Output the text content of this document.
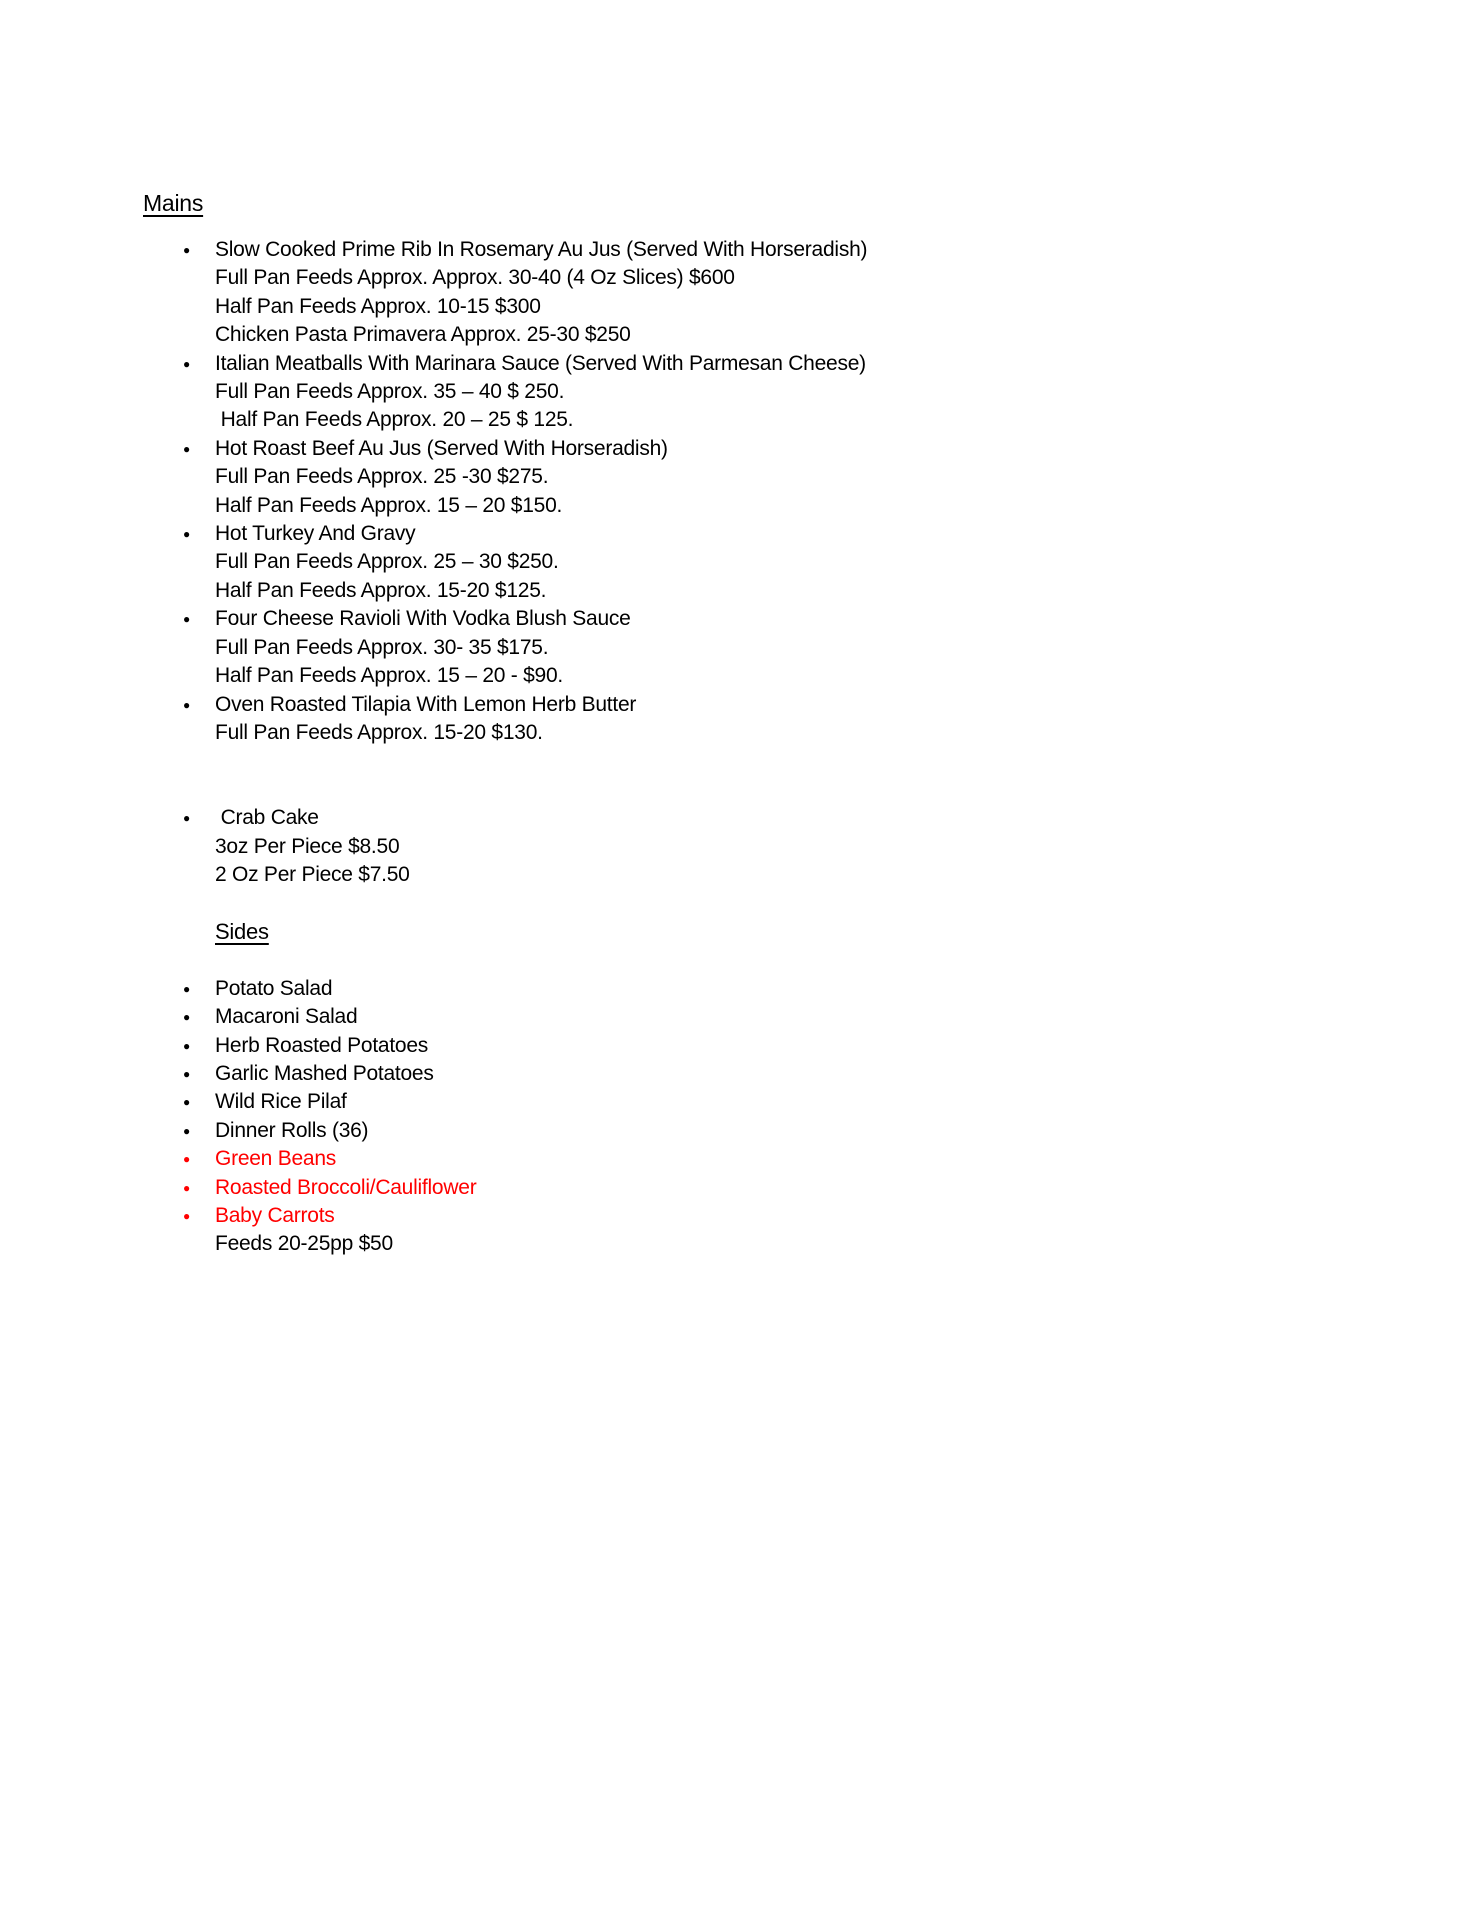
Mains
● Slow Cooked Prime Rib In Rosemary Au Jus (Served With Horseradish)
Full Pan Feeds Approx. Approx. 30-40 (4 Oz Slices) $600
Half Pan Feeds Approx. 10-15 $300
Chicken Pasta Primavera Approx. 25-30 $250
● Italian Meatballs With Marinara Sauce (Served With Parmesan Cheese)
Full Pan Feeds Approx. 35 – 40 $ 250.
Half Pan Feeds Approx. 20 – 25 $ 125.
● Hot Roast Beef Au Jus (Served With Horseradish)
Full Pan Feeds Approx. 25 -30 $275.
Half Pan Feeds Approx. 15 – 20 $150.
● Hot Turkey And Gravy
Full Pan Feeds Approx. 25 – 30 $250.
Half Pan Feeds Approx. 15-20 $125.
● Four Cheese Ravioli With Vodka Blush Sauce
Full Pan Feeds Approx. 30- 35 $175.
Half Pan Feeds Approx. 15 – 20 - $90.
● Oven Roasted Tilapia With Lemon Herb Butter
Full Pan Feeds Approx. 15-20 $130.
● Crab Cake
3oz Per Piece $8.50
2 Oz Per Piece $7.50
Sides
● Potato Salad
● Macaroni Salad
● Herb Roasted Potatoes
● Garlic Mashed Potatoes
● Wild Rice Pilaf
● Dinner Rolls (36)
● Green Beans
● Roasted Broccoli/Cauliflower
● Baby Carrots
Feeds 20-25pp $50
